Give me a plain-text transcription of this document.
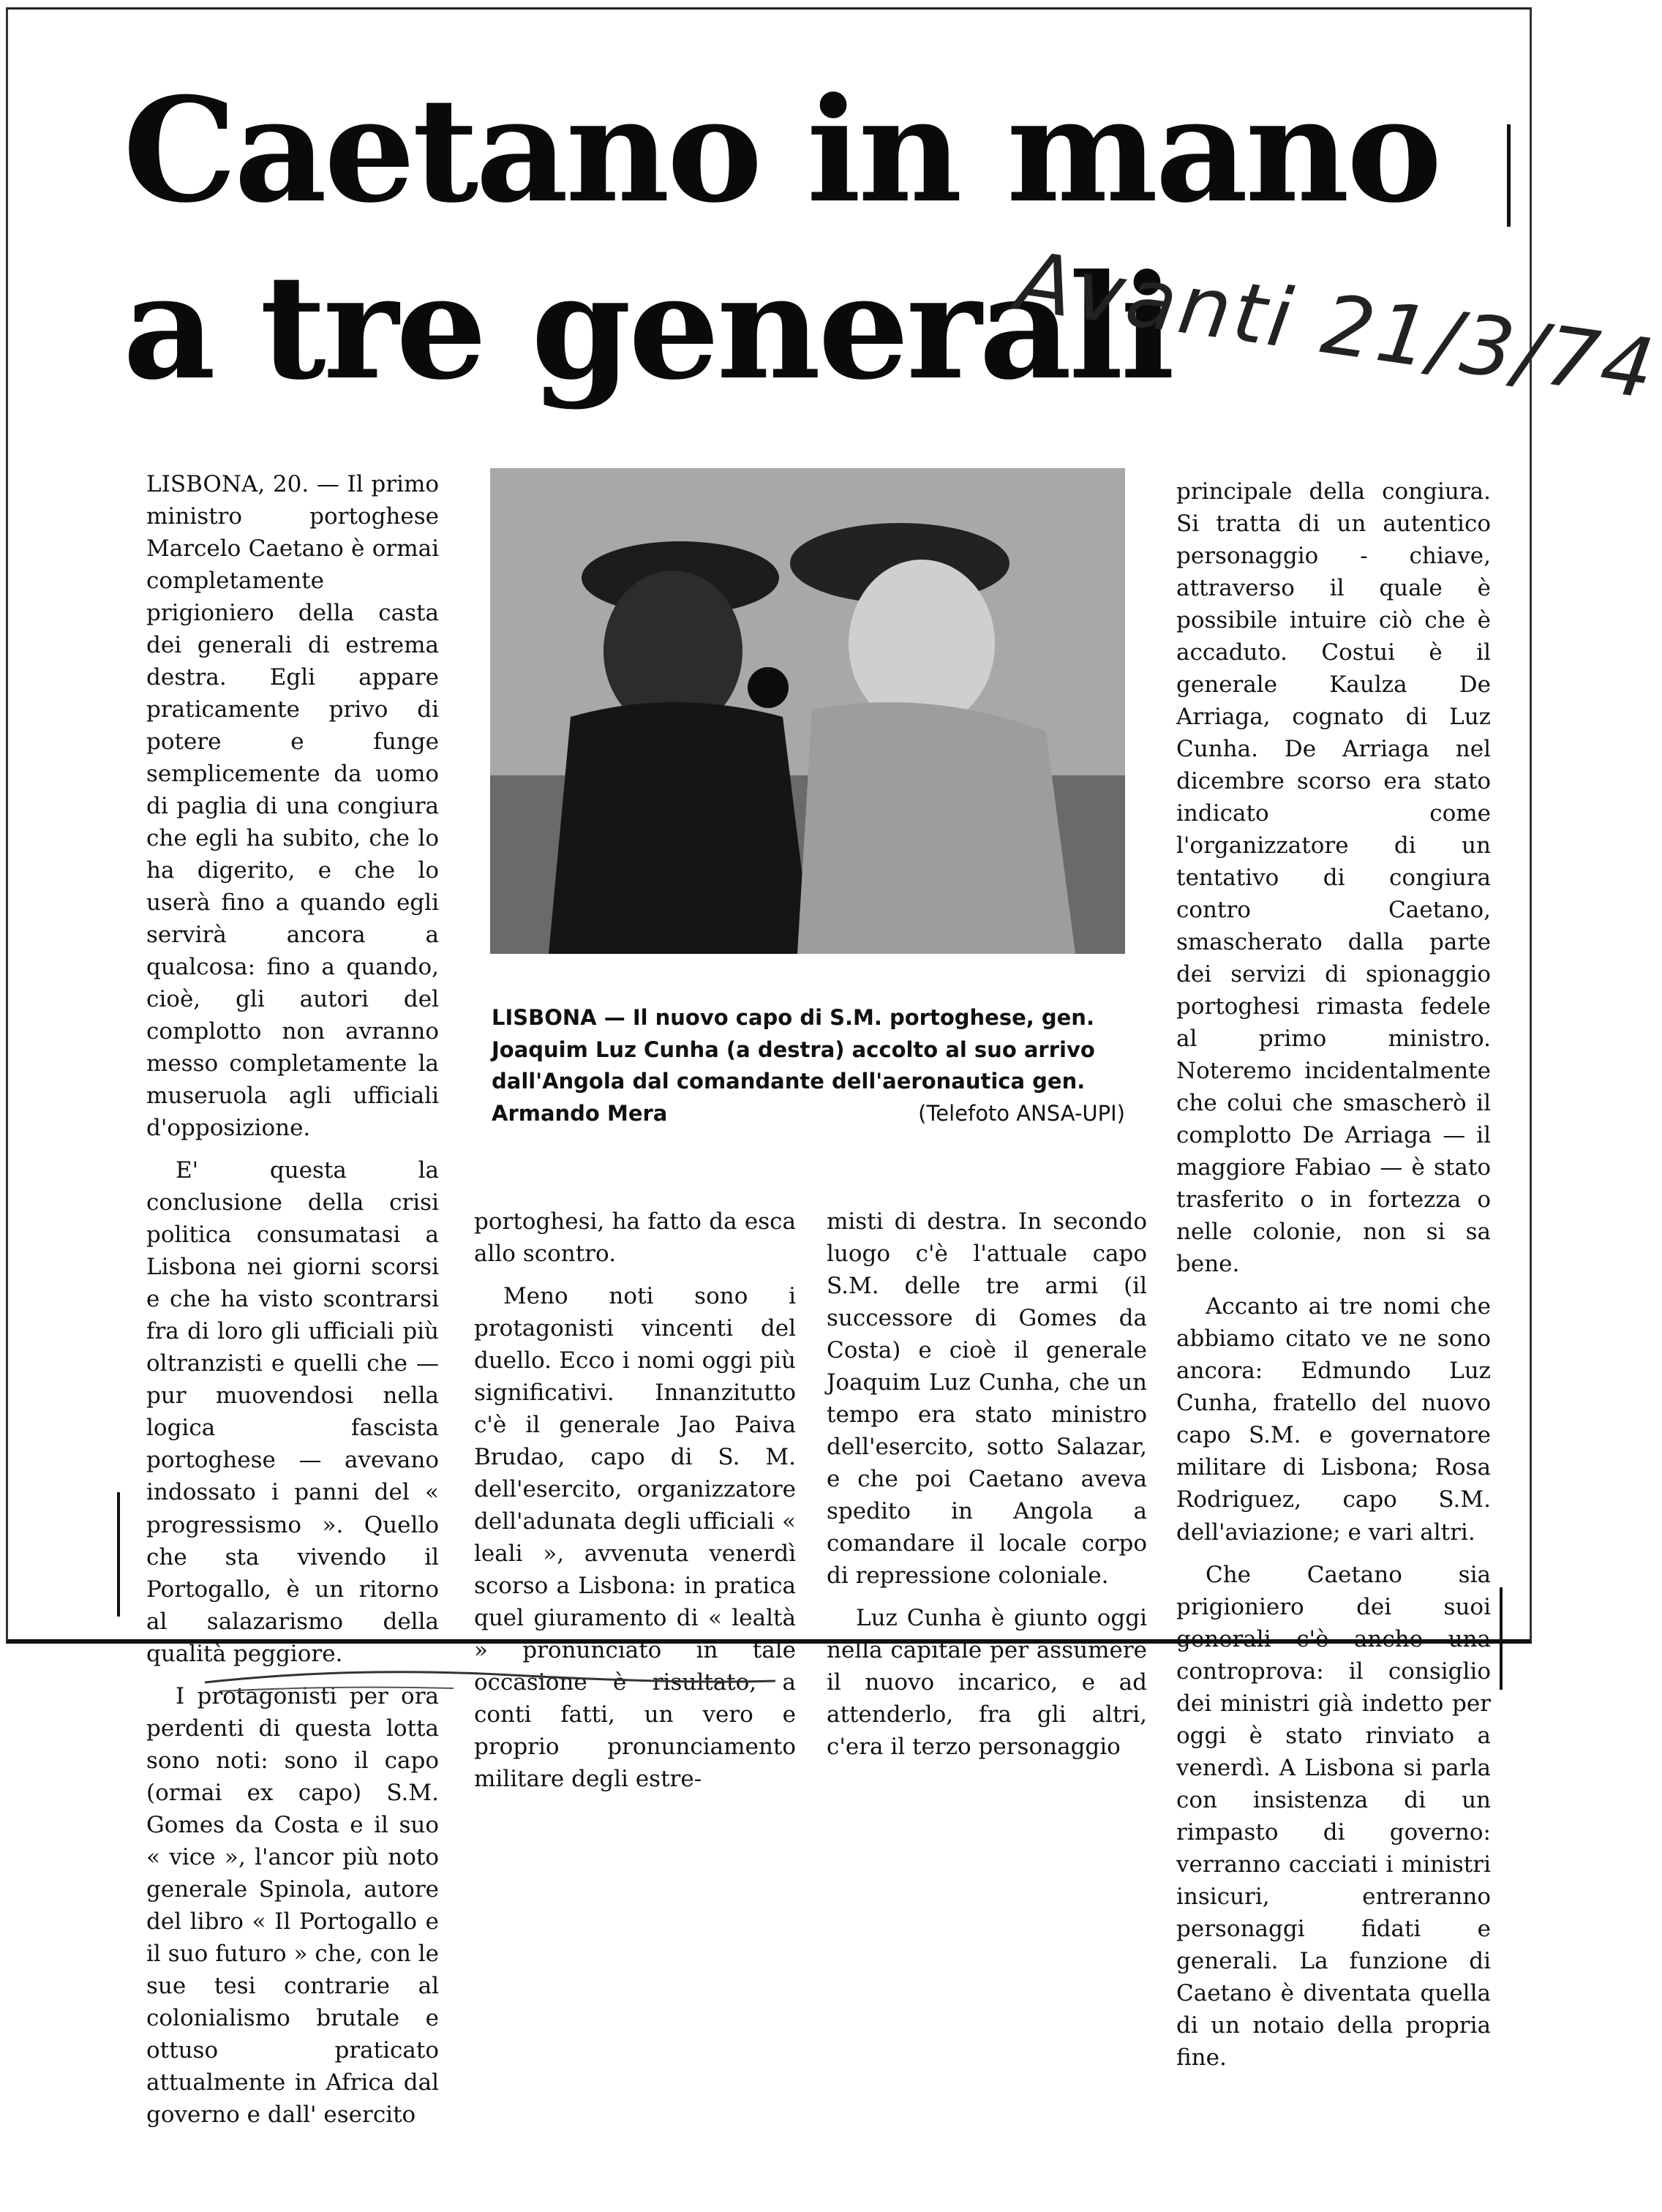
Caetano in mano
a tre generali
Avanti 21/3/74

LISBONA, 20. — Il primo ministro portoghese Marcelo Caetano è ormai completamente prigioniero della casta dei generali di estrema destra. Egli appare praticamente privo di potere e funge semplicemente da uomo di paglia di una congiura che egli ha subito, che lo ha digerito, e che lo userà fino a quando egli servirà ancora a qualcosa: fino a quando, cioè, gli autori del complotto non avranno messo completamente la museruola agli ufficiali d'opposizione.

E' questa la conclusione della crisi politica consumatasi a Lisbona nei giorni scorsi e che ha visto scontrarsi fra di loro gli ufficiali più oltranzisti e quelli che — pur muovendosi nella logica fascista portoghese — avevano indossato i panni del « progressismo ». Quello che sta vivendo il Portogallo, è un ritorno al salazarismo della qualità peggiore.

I protagonisti per ora perdenti di questa lotta sono noti: sono il capo (ormai ex capo) S.M. Gomes da Costa e il suo « vice », l'ancor più noto generale Spinola, autore del libro « Il Portogallo e il suo futuro » che, con le sue tesi contrarie al colonialismo brutale e ottuso praticato attualmente in Africa dal governo e dall' esercito

LISBONA — Il nuovo capo di S.M. portoghese, gen. Joaquim Luz Cunha (a destra) accolto al suo arrivo dall'Angola dal comandante dell'aeronautica gen. Armando Mera	(Telefoto ANSA-UPI)

portoghesi, ha fatto da esca allo scontro.

Meno noti sono i protagonisti vincenti del duello. Ecco i nomi oggi più significativi. Innanzitutto c'è il generale Jao Paiva Brudao, capo di S. M. dell'esercito, organizzatore dell'adunata degli ufficiali « leali », avvenuta venerdì scorso a Lisbona: in pratica quel giuramento di « lealtà » pronunciato in tale occasione è risultato, a conti fatti, un vero e proprio pronunciamento militare degli estre-

misti di destra. In secondo luogo c'è l'attuale capo S.M. delle tre armi (il successore di Gomes da Costa) e cioè il generale Joaquim Luz Cunha, che un tempo era stato ministro dell'esercito, sotto Salazar, e che poi Caetano aveva spedito in Angola a comandare il locale corpo di repressione coloniale.

Luz Cunha è giunto oggi nella capitale per assumere il nuovo incarico, e ad attenderlo, fra gli altri, c'era il terzo personaggio

principale della congiura. Si tratta di un autentico personaggio - chiave, attraverso il quale è possibile intuire ciò che è accaduto. Costui è il generale Kaulza De Arriaga, cognato di Luz Cunha. De Arriaga nel dicembre scorso era stato indicato come l'organizzatore di un tentativo di congiura contro Caetano, smascherato dalla parte dei servizi di spionaggio portoghesi rimasta fedele al primo ministro. Noteremo incidentalmente che colui che smascherò il complotto De Arriaga — il maggiore Fabiao — è stato trasferito o in fortezza o nelle colonie, non si sa bene.

Accanto ai tre nomi che abbiamo citato ve ne sono ancora: Edmundo Luz Cunha, fratello del nuovo capo S.M. e governatore militare di Lisbona; Rosa Rodriguez, capo S.M. dell'aviazione; e vari altri.

Che Caetano sia prigioniero dei suoi generali c'è anche una controprova: il consiglio dei ministri già indetto per oggi è stato rinviato a venerdì. A Lisbona si parla con insistenza di un rimpasto di governo: verranno cacciati i ministri insicuri, entreranno personaggi fidati e generali. La funzione di Caetano è diventata quella di un notaio della propria fine.
